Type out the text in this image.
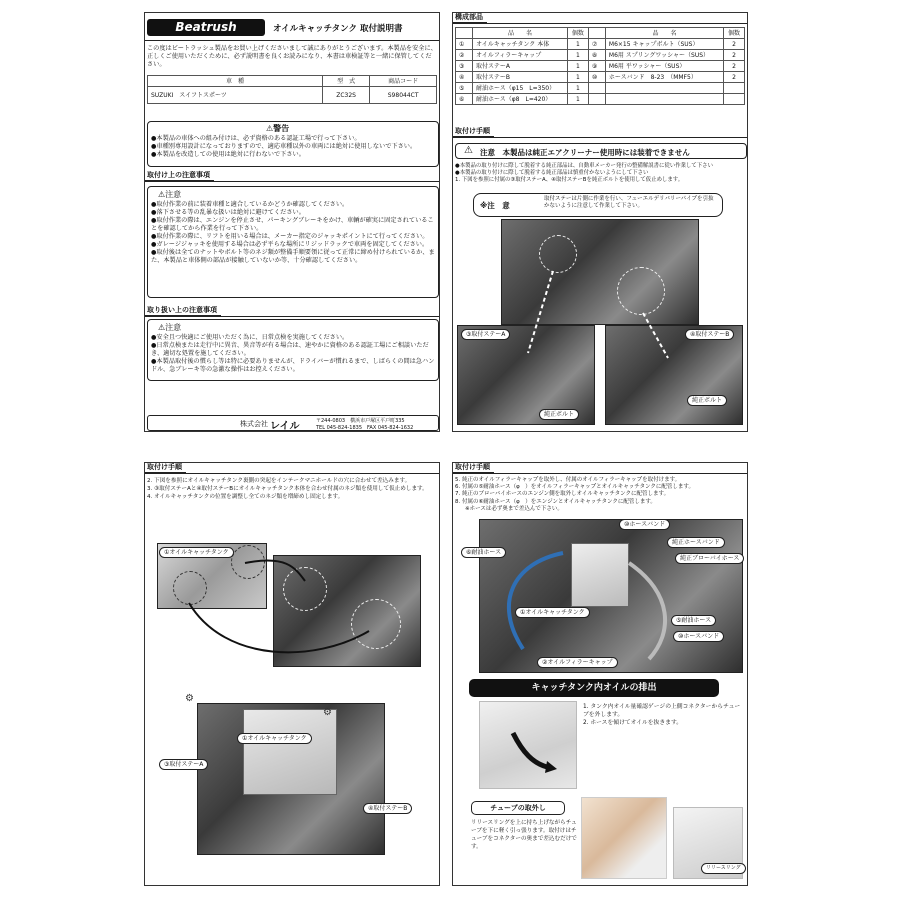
Beatrush	オイルキャッチタンク 取付説明書
この度はビートラッシュ製品をお買い上げくださいまして誠にありがとうございます。本製品を安全に、正しくご使用いただくために、必ず説明書を良くお読みになり、本書は車検証等と一緒に保管してください。
車　種	型　式	商品コード
SUZUKI　スイフトスポーツ	ZC32S	S98044CT
⚠警告
●本製品の車体への組み付けは、必ず資格のある認証工場で行って下さい。
●車種別専用設計になっておりますので、適応車種以外の車両には絶対に使用しないで下さい。
●本製品を改造しての使用は絶対に行わないで下さい。
取付け上の注意事項
⚠注意
●取付作業の前に装着車種と適合しているかどうか確認してください。
●落下させる等の乱暴な扱いは絶対に避けてください。
●取付作業の際は、エンジンを停止させ、パーキングブレーキをかけ、車輌が確実に固定されていることを確認してから作業を行って下さい。
●取付作業の際に、リフトを用いる場合は、メーカー指定のジャッキポイントにて行ってください。
●ガレージジャッキを使用する場合は必ず平らな場所にリジッドラックで車両を固定してください。
●取付後は全てのナットやボルト等のネジ類が整備手順要領に従って正常に締め付けられているか、また、本製品と車体側の部品が接触していないか等、十分確認してください。
取り扱い上の注意事項
⚠注意
●安全且つ快適にご使用いただく為に、日常点検を実施してください。
●日常点検または走行中に異音、異音等が有る場合は、速やかに資格のある認証工場にご相談いただき、適切な処置を施してください。
●本製品取付後の慣らし等は特に必要ありませんが、ドライバーが慣れるまで、しばらくの間は急ハンドル、急ブレーキ等の急激な操作はお控えください。
株式会社 レイル	〒244-0803　横浜市戸塚区平戸町335
TEL 045-824-1835　FAX 045-824-1632
構成部品
	品　　名	個数		品　　名	個数
①	オイルキャッチタンク 本体	1	⑦	M6×15 キャップボルト（SUS）	2
②	オイルフィラーキャップ	1	⑧	M6用 スプリングワッシャー（SUS）	2
③	取付ステーA	1	⑨	M6用 平ワッシャー（SUS）	2
④	取付ステーB	1	⑩	ホースバンド　8-23　（MMF5）	2
⑤	耐油ホース（φ15　L=350）	1			
⑥	耐油ホース（φ8　L=420）	1			
取付け手順
⚠ 注意　本製品は純正エアクリーナー使用時には装着できません
●本製品の取り付けに際して脱着する純正部品は、自動車メーカー発行の整備解説書に従い作業して下さい
●本製品の取り付けに際して脱着する純正部品は慎重付かないようにして下さい
1. 下図を参照に付属の③取付ステーA、④取付ステーBを純正ボルトを使用して仮止めします。
※注　意
取付ステーは片側に作業を行い、フューエルデリバリーパイプを引抜かないように注意して作業して下さい。
③取付ステーA	④取付ステーB
純正ボルト
純正ボルト
取付け手順
2. 下図を参照にオイルキャッチタンク裏側の突起をインテークマニホールドの穴に合わせて差込みます。
3. ③取付ステーAと④取付ステーBにオイルキャッチタンク本体を合わせ付属のネジ類を使用して仮止めします。
4. オイルキャッチタンクの位置を調整し全てのネジ類を増締めし固定します。
①オイルキャッチタンク
①オイルキャッチタンク
③取付ステーA
④取付ステーB
⚙
⚙
取付け手順
5. 純正のオイルフィラーキャップを取外し、付属のオイルフィラーキャップを取付けます。
6. 付属の⑤耐油ホース（φ　）をオイルフィラーキャップとオイルキャッチタンクに配管します。
7. 純正のブローバイホースのエンジン側を取外しオイルキャッチタンクに配管します。
8. 付属の⑥耐油ホース（φ　）をエンジンとオイルキャッチタンクに配管します。
※ホースは必ず奥まで差込んで下さい。
⑩ホースバンド
⑥耐油ホース
純正ホースバンド
純正ブローバイホース
⑤耐油ホース
⑩ホースバンド
①オイルキャッチタンク
②オイルフィラーキャップ
キャッチタンク内オイルの排出
1. タンク内オイル量確認ゲージの上側コネクターからチューブを外します。
2. ホースを傾けてオイルを抜きます。
チューブの取外し
リリースリングを上に持ち上げながらチューブを下に軽く引っ張ります。取付けはチューブをコネクターの奥まで差込むだけです。
リリースリング
